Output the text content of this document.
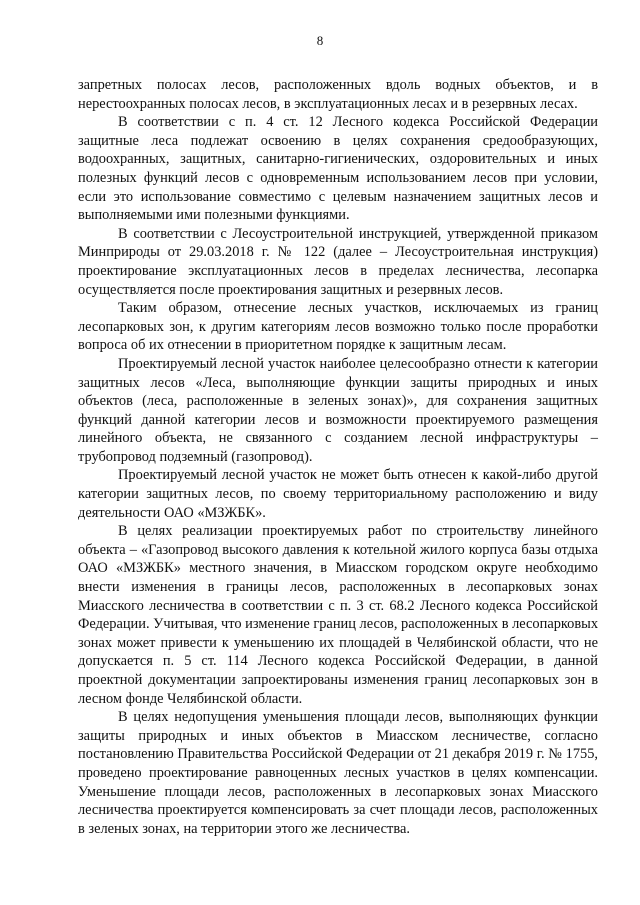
8

запретных полосах лесов, расположенных вдоль водных объектов, и в нерестоохранных полосах лесов, в эксплуатационных лесах и в резервных лесах.

В соответствии с п. 4 ст. 12 Лесного кодекса Российской Федерации защитные леса подлежат освоению в целях сохранения средообразующих, водоохранных, защитных, санитарно-гигиенических, оздоровительных и иных полезных функций лесов с одновременным использованием лесов при условии, если это использование совместимо с целевым назначением защитных лесов и выполняемыми ими полезными функциями.

В соответствии с Лесоустроительной инструкцией, утвержденной приказом Минприроды от 29.03.2018 г. № 122 (далее – Лесоустроительная инструкция) проектирование эксплуатационных лесов в пределах лесничества, лесопарка осуществляется после проектирования защитных и резервных лесов.

Таким образом, отнесение лесных участков, исключаемых из границ лесопарковых зон, к другим категориям лесов возможно только после проработки вопроса об их отнесении в приоритетном порядке к защитным лесам.

Проектируемый лесной участок наиболее целесообразно отнести к категории защитных лесов «Леса, выполняющие функции защиты природных и иных объектов (леса, расположенные в зеленых зонах)», для сохранения защитных функций данной категории лесов и возможности проектируемого размещения линейного объекта, не связанного с созданием лесной инфраструктуры – трубопровод подземный (газопровод).

Проектируемый лесной участок не может быть отнесен к какой-либо другой категории защитных лесов, по своему территориальному расположению и виду деятельности ОАО «МЗЖБК».

В целях реализации проектируемых работ по строительству линейного объекта – «Газопровод высокого давления к котельной жилого корпуса базы отдыха ОАО «МЗЖБК» местного значения, в Миасском городском округе необходимо внести изменения в границы лесов, расположенных в лесопарковых зонах Миасского лесничества в соответствии с п. 3 ст. 68.2 Лесного кодекса Российской Федерации. Учитывая, что изменение границ лесов, расположенных в лесопарковых зонах может привести к уменьшению их площадей в Челябинской области, что не допускается п. 5 ст. 114 Лесного кодекса Российской Федерации, в данной проектной документации запроектированы изменения границ лесопарковых зон в лесном фонде Челябинской области.

В целях недопущения уменьшения площади лесов, выполняющих функции защиты природных и иных объектов в Миасском лесничестве, согласно постановлению Правительства Российской Федерации от 21 декабря 2019 г. № 1755, проведено проектирование равноценных лесных участков в целях компенсации. Уменьшение площади лесов, расположенных в лесопарковых зонах Миасского лесничества проектируется компенсировать за счет площади лесов, расположенных в зеленых зонах, на территории этого же лесничества.
